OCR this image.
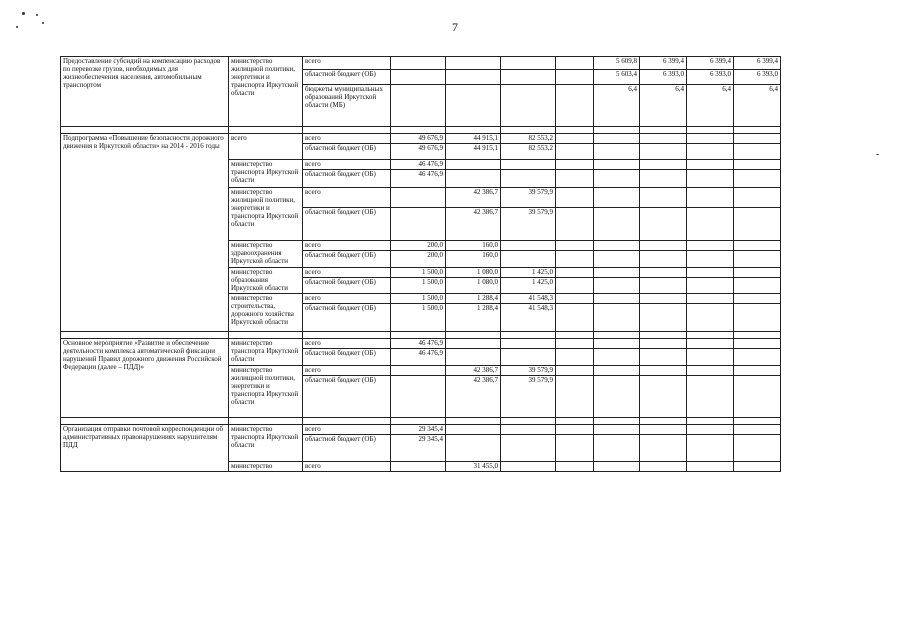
7
Предоставление субсидий на компенсацию расходов по перевозке грузов, необходимых для жизнеобеспечения населения, автомобильным транспортом	министерство жилищной политики, энергетики и транспорта Иркутской области	всего					5 609,8	6 399,4	6 399,4	6 399,4
		областной бюджет (ОБ)					5 603,4	6 393,0	6 393,0	6 393,0
		бюджеты муниципальных образований Иркутской области (МБ)					6,4	6,4	6,4	6,4

Подпрограмма «Повышение безопасности дорожного движения в Иркутской области» на 2014 - 2016 годы	всего	всего	49 676,9	44 915,1	82 553,2					
		областной бюджет (ОБ)	49 676,9	44 915,1	82 553,2					
	министерство транспорта Иркутской области	всего	46 476,9							
		областной бюджет (ОБ)	46 476,9							
	министерство жилищной политики, энергетики и транспорта Иркутской области	всего		42 386,7	39 579,9					
		областной бюджет (ОБ)		42 386,7	39 579,9					
	министерство здравоохранения Иркутской области	всего	200,0	160,0						
		областной бюджет (ОБ)	200,0	160,0						
	министерство образования Иркутской области	всего	1 500,0	1 080,0	1 425,0					
		областной бюджет (ОБ)	1 500,0	1 080,0	1 425,0					
	министерство строительства, дорожного хозяйства Иркутской области	всего	1 500,0	1 288,4	41 548,3					
		областной бюджет (ОБ)	1 500,0	1 288,4	41 548,3					

Основное мероприятие «Развитие и обеспечение деятельности комплекса автоматической фиксации нарушений Правил дорожного движения Российской Федерации (далее – ПДД)»	министерство транспорта Иркутской области	всего	46 476,9							
		областной бюджет (ОБ)	46 476,9							
	министерство жилищной политики, энергетики и транспорта Иркутской области	всего		42 386,7	39 579,9					
		областной бюджет (ОБ)		42 386,7	39 579,9					

Организация отправки почтовой корреспонденции об административных правонарушениях нарушителям ПДД	министерство транспорта Иркутской области	всего	29 345,4							
		областной бюджет (ОБ)	29 345,4							
	министерство	всего		31 455,0						
